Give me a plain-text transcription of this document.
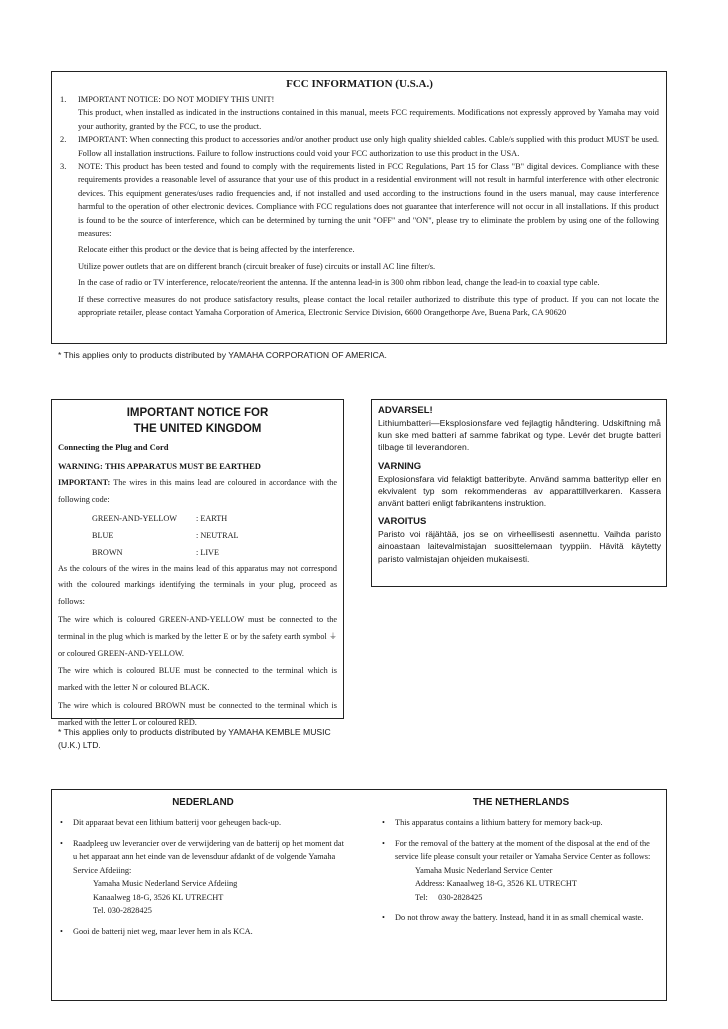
FCC INFORMATION (U.S.A.)
1. IMPORTANT NOTICE: DO NOT MODIFY THIS UNIT!
This product, when installed as indicated in the instructions contained in this manual, meets FCC requirements. Modifications not expressly approved by Yamaha may void your authority, granted by the FCC, to use the product.
2. IMPORTANT: When connecting this product to accessories and/or another product use only high quality shielded cables. Cable/s supplied with this product MUST be used. Follow all installation instructions. Failure to follow instructions could void your FCC authorization to use this product in the USA.
3. NOTE: This product has been tested and found to comply with the requirements listed in FCC Regulations, Part 15 for Class "B" digital devices. Compliance with these requirements provides a reasonable level of assurance that your use of this product in a residential environment will not result in harmful interference with other electronic devices. This equipment generates/uses radio frequencies and, if not installed and used according to the instructions found in the users manual, may cause interference harmful to the operation of other electronic devices. Compliance with FCC regulations does not guarantee that interference will not occur in all installations. If this product is found to be the source of interference, which can be determined by turning the unit "OFF" and "ON", please try to eliminate the problem by using one of the following measures:

Relocate either this product or the device that is being affected by the interference.

Utilize power outlets that are on different branch (circuit breaker of fuse) circuits or install AC line filter/s.

In the case of radio or TV interference, relocate/reorient the antenna. If the antenna lead-in is 300 ohm ribbon lead, change the lead-in to coaxial type cable.

If these corrective measures do not produce satisfactory results, please contact the local retailer authorized to distribute this type of product. If you can not locate the appropriate retailer, please contact Yamaha Corporation of America, Electronic Service Division, 6600 Orangethorpe Ave, Buena Park, CA 90620

* This applies only to products distributed by YAMAHA CORPORATION OF AMERICA.
IMPORTANT NOTICE FOR
THE UNITED KINGDOM
Connecting the Plug and Cord
WARNING: THIS APPARATUS MUST BE EARTHED
IMPORTANT: The wires in this mains lead are coloured in accordance with the following code:
GREEN-AND-YELLOW	: EARTH
BLUE	: NEUTRAL
BROWN	: LIVE
As the colours of the wires in the mains lead of this apparatus may not correspond with the coloured markings identifying the terminals in your plug, proceed as follows:
The wire which is coloured GREEN-AND-YELLOW must be connected to the terminal in the plug which is marked by the letter E or by the safety earth symbol ⏚ or coloured GREEN-AND-YELLOW.
The wire which is coloured BLUE must be connected to the terminal which is marked with the letter N or coloured BLACK.
The wire which is coloured BROWN must be connected to the terminal which is marked with the letter L or coloured RED.
* This applies only to products distributed by YAMAHA KEMBLE MUSIC (U.K.) LTD.
ADVARSEL!
Lithiumbatteri—Eksplosionsfare ved fejlagtig håndtering. Udskiftning må kun ske med batteri af samme fabrikat og type. Levér det brugte batteri tilbage til leverandoren.
VARNING
Explosionsfara vid felaktigt batteribyte. Använd samma batterityp eller en ekvivalent typ som rekommenderas av apparattillverkaren. Kassera använt batteri enligt fabrikantens instruktion.
VAROITUS
Paristo voi räjähtää, jos se on virheellisesti asennettu. Vaihda paristo ainoastaan laitevalmistajan suosittelemaan tyyppiin. Hävitä käytetty paristo valmistajan ohjeiden mukaisesti.
NEDERLAND
• Dit apparaat bevat een lithium batterij voor geheugen back-up.
• Raadpleeg uw leverancier over de verwijdering van de batterij op het moment dat u het apparaat ann het einde van de levensduur afdankt of de volgende Yamaha Service Afdeiing:
Yamaha Music Nederland Service Afdeiing
Kanaalweg 18-G, 3526 KL UTRECHT
Tel. 030-2828425
• Gooi de batterij niet weg, maar lever hem in als KCA.
THE NETHERLANDS
• This apparatus contains a lithium battery for memory back-up.
• For the removal of the battery at the moment of the disposal at the end of the service life please consult your retailer or Yamaha Service Center as follows:
Yamaha Music Nederland Service Center
Address: Kanaalweg 18-G, 3526 KL UTRECHT
Tel:     030-2828425
• Do not throw away the battery. Instead, hand it in as small chemical waste.
